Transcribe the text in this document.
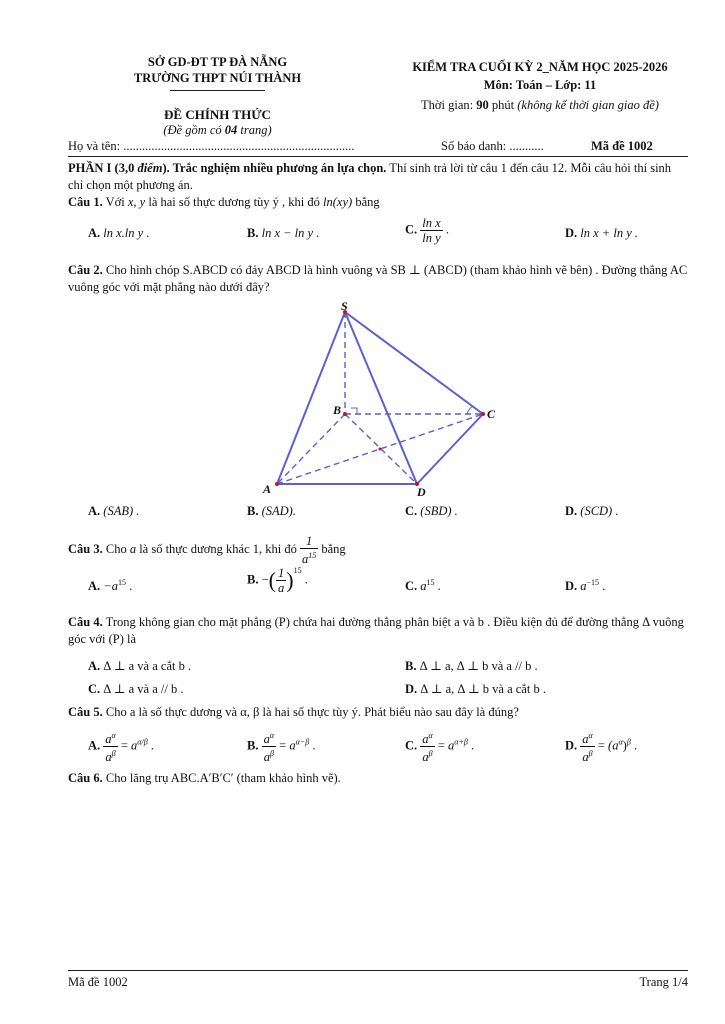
SỞ GD-ĐT TP ĐÀ NẴNG
TRƯỜNG THPT NÚI THÀNH
ĐỀ CHÍNH THỨC
(Đề gồm có 04 trang)
KIỂM TRA CUỐI KỲ 2_NĂM HỌC 2025-2026
Môn: Toán – Lớp: 11
Thời gian: 90 phút (không kể thời gian giao đề)
Họ và tên: ..........................................................................	Số báo danh: ...........	Mã đề 1002
PHẦN I (3,0 điểm). Trắc nghiệm nhiều phương án lựa chọn. Thí sinh trả lời từ câu 1 đến câu 12. Mỗi câu hỏi thí sinh chỉ chọn một phương án.
Câu 1. Với x, y là hai số thực dương tùy ý , khi đó ln(xy) bằng
A. ln x.ln y .	B. ln x − ln y .	C. $\frac{\text{ln x}}{\text{ln y}}$ .	D. ln x + ln y .
Câu 2. Cho hình chóp S.ABCD có đáy ABCD là hình vuông và SB ⊥ (ABCD) (tham khảo hình vẽ bên) . Đường thẳng AC vuông góc với mặt phẳng nào dưới đây?
S
B	C
A	D
A. (SAB) .	B. (SAD).	C. (SBD) .	D. (SCD) .
Câu 3. Cho a là số thực dương khác 1, khi đó $\frac{1}{a^{15}}$ bằng
A. $-a^{15}$ .	B. −( $\frac{1}{a} )^{15}$ .	C. $a^{15}$ .	D. $a^{-15}$ .
Câu 4. Trong không gian cho mặt phẳng (P) chứa hai đường thẳng phân biệt a và b . Điều kiện đủ để đường thẳng Δ vuông góc với (P) là
A. Δ ⊥ a và a cắt b .	B. Δ ⊥ a, Δ ⊥ b và a // b .
C. Δ ⊥ a và a // b .	D. Δ ⊥ a, Δ ⊥ b và a cắt b .
Câu 5. Cho a là số thực dương và α, β là hai số thực tùy ý. Phát biểu nào sau đây là đúng?
A. $\frac{a^\alpha}{a^\beta} = a^{\alpha/\beta}$ .	B. $\frac{a^\alpha}{a^\beta} = a^{\alpha-\beta}$ .	C. $\frac{a^\alpha}{a^\beta} = a^{\alpha+\beta}$ .	D. $\frac{a^\alpha}{a^\beta} = (a^\alpha)^\beta$ .
Câu 6. Cho lăng trụ ABC.A′B′C′ (tham khảo hình vẽ).
Mã đề 1002	Trang 1/4
